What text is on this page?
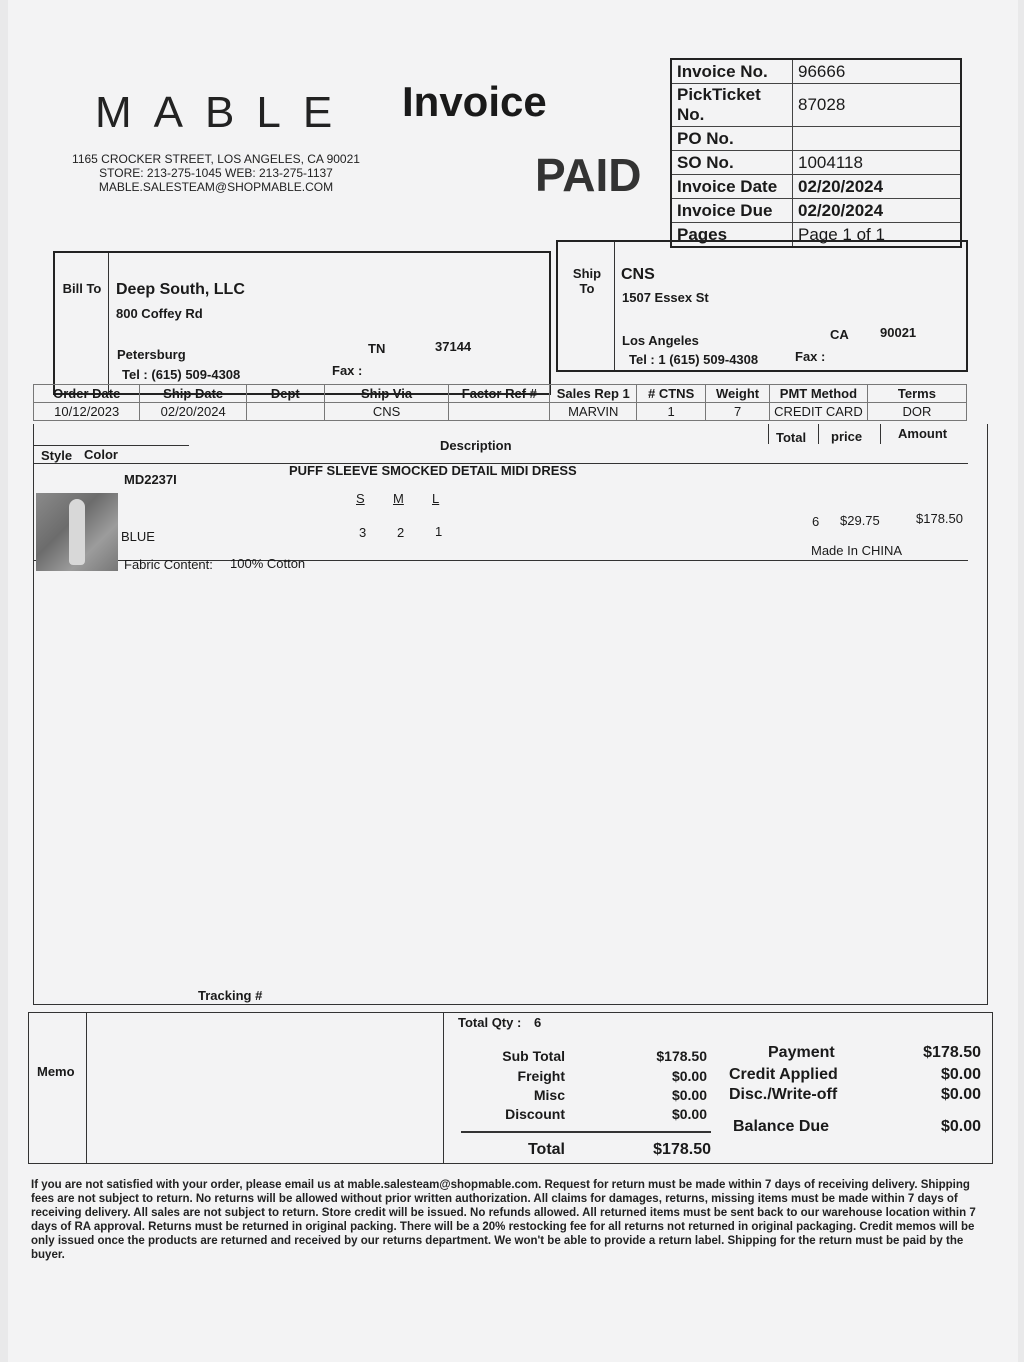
MABLE
1165 CROCKER STREET, LOS ANGELES, CA 90021
STORE: 213-275-1045 WEB: 213-275-1137
MABLE.SALESTEAM@SHOPMABLE.COM
Invoice
PAID
Invoice No.	96666
PickTicket No.	87028
PO No.	
SO No.	1004118
Invoice Date	02/20/2024
Invoice Due	02/20/2024
Pages	Page 1 of 1
Bill To Deep South, LLC
800 Coffey Rd
Petersburg	TN	37144
Tel : (615) 509-4308	Fax :
Ship To
CNS
1507 Essex St
Los Angeles	CA 90021
Tel : 1 (615) 509-4308	Fax :
Order Date	Ship Date	Dept	Ship Via	Factor Ref #	Sales Rep 1	# CTNS	Weight	PMT Method	Terms
10/12/2023	02/20/2024		CNS		MARVIN	1	7	CREDIT CARD	DOR
Style Color
Description
Total price	Amount
MD2237I
PUFF SLEEVE SMOCKED DETAIL MIDI DRESS
S M L
3 2 1
BLUE
Fabric Content: 100% Cotton
6 $29.75	$178.50
Made In CHINA
Tracking #
Memo
Total Qty : 6
Sub Total	$178.50
Freight	$0.00
Misc	$0.00
Discount	$0.00
Total	$178.50
Payment	$178.50
Credit Applied	$0.00
Disc./Write-off	$0.00
Balance Due	$0.00
If you are not satisfied with your order, please email us at mable.salesteam@shopmable.com. Request for return must be made within 7 days of receiving delivery. Shipping fees are not subject to return. No returns will be allowed without prior written authorization. All claims for damages, returns, missing items must be made within 7 days of receiving delivery. All sales are not subject to return. Store credit will be issued. No refunds allowed. All returned items must be sent back to our warehouse location within 7 days of RA approval. Returns must be returned in original packing. There will be a 20% restocking fee for all returns not returned in original packaging. Credit memos will be only issued once the products are returned and received by our returns department. We won't be able to provide a return label. Shipping for the return must be paid by the buyer.
